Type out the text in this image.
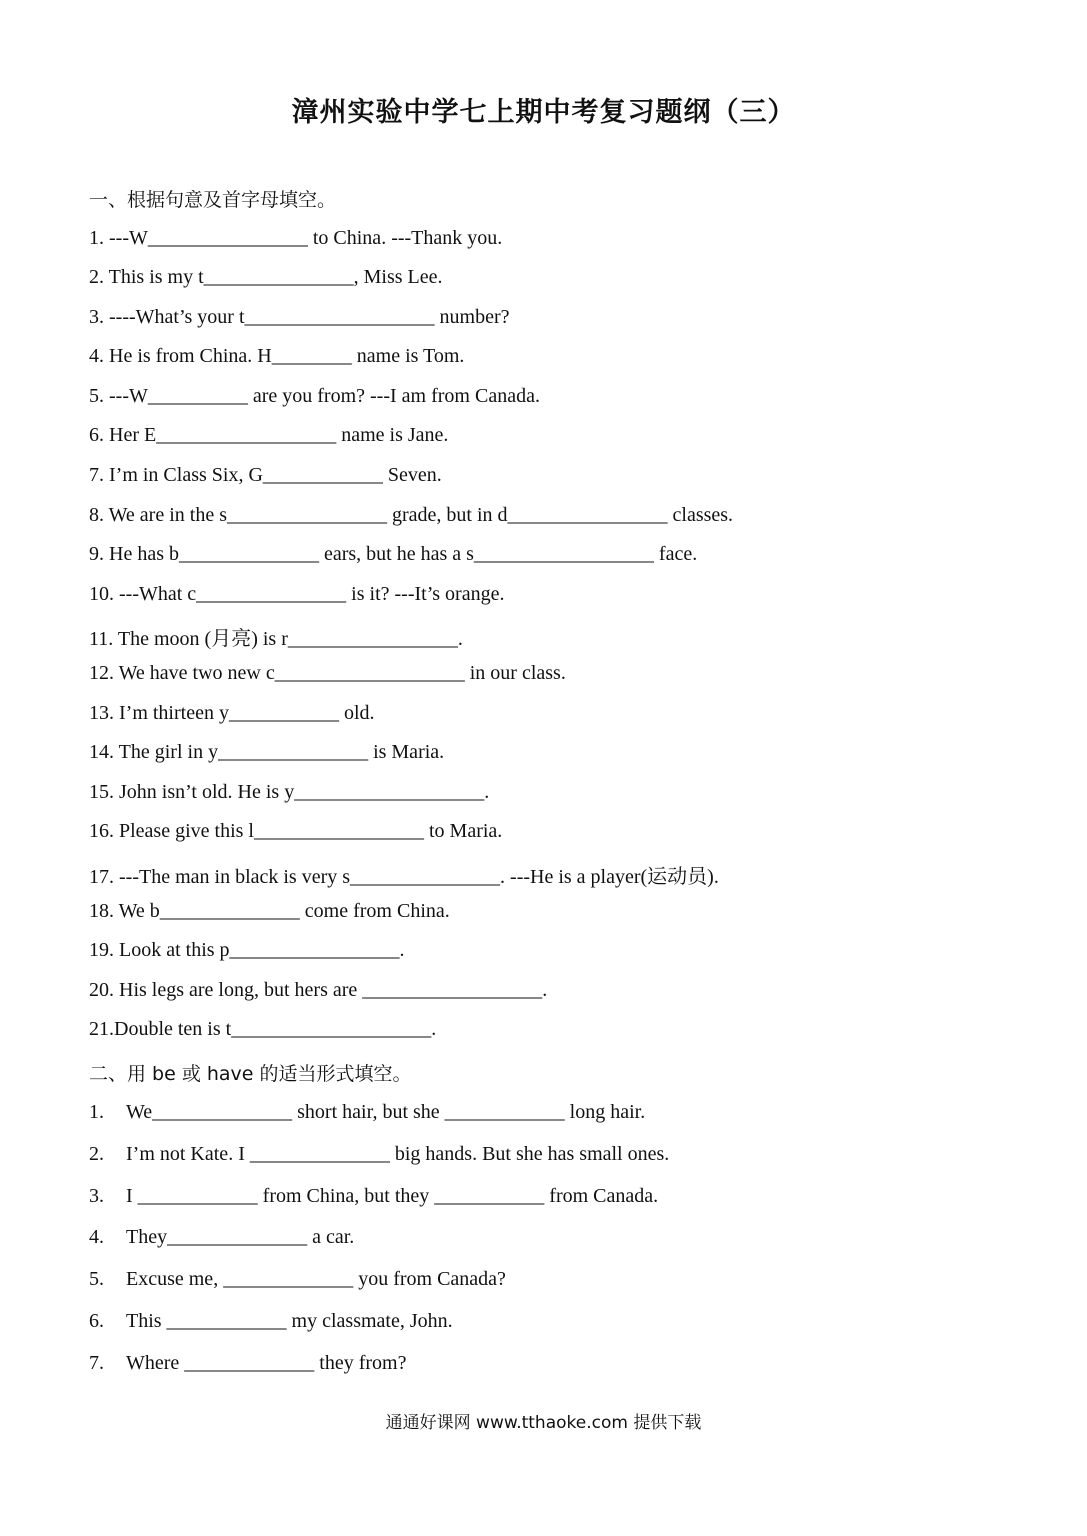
漳州实验中学七上期中考复习题纲（三）
一、根据句意及首字母填空。
1. ---W________________ to China. ---Thank you.
2. This is my t_______________, Miss Lee.
3. ----What’s your t___________________ number?
4. He is from China. H________ name is Tom.
5. ---W__________ are you from? ---I am from Canada.
6. Her E__________________ name is Jane.
7. I’m in Class Six, G____________ Seven.
8. We are in the s________________ grade, but in d________________ classes.
9. He has b______________ ears, but he has a s__________________ face.
10. ---What c_______________ is it? ---It’s orange.
11. The moon (月亮) is r_________________.
12. We have two new c___________________ in our class.
13. I’m thirteen y___________ old.
14. The girl in y_______________ is Maria.
15. John isn’t old. He is y___________________.
16. Please give this l_________________ to Maria.
17. ---The man in black is very s_______________. ---He is a player(运动员).
18. We b______________ come from China.
19. Look at this p_________________.
20. His legs are long, but hers are __________________.
21.Double ten is t____________________.
二、用 be 或 have 的适当形式填空。
1. We______________ short hair, but she ____________ long hair.
2. I’m not Kate. I ______________ big hands. But she has small ones.
3. I ____________ from China, but they ___________ from Canada.
4. They______________ a car.
5. Excuse me, _____________ you from Canada?
6. This ____________ my classmate, John.
7. Where _____________ they from?
通通好课网 www.tthaoke.com 提供下载
